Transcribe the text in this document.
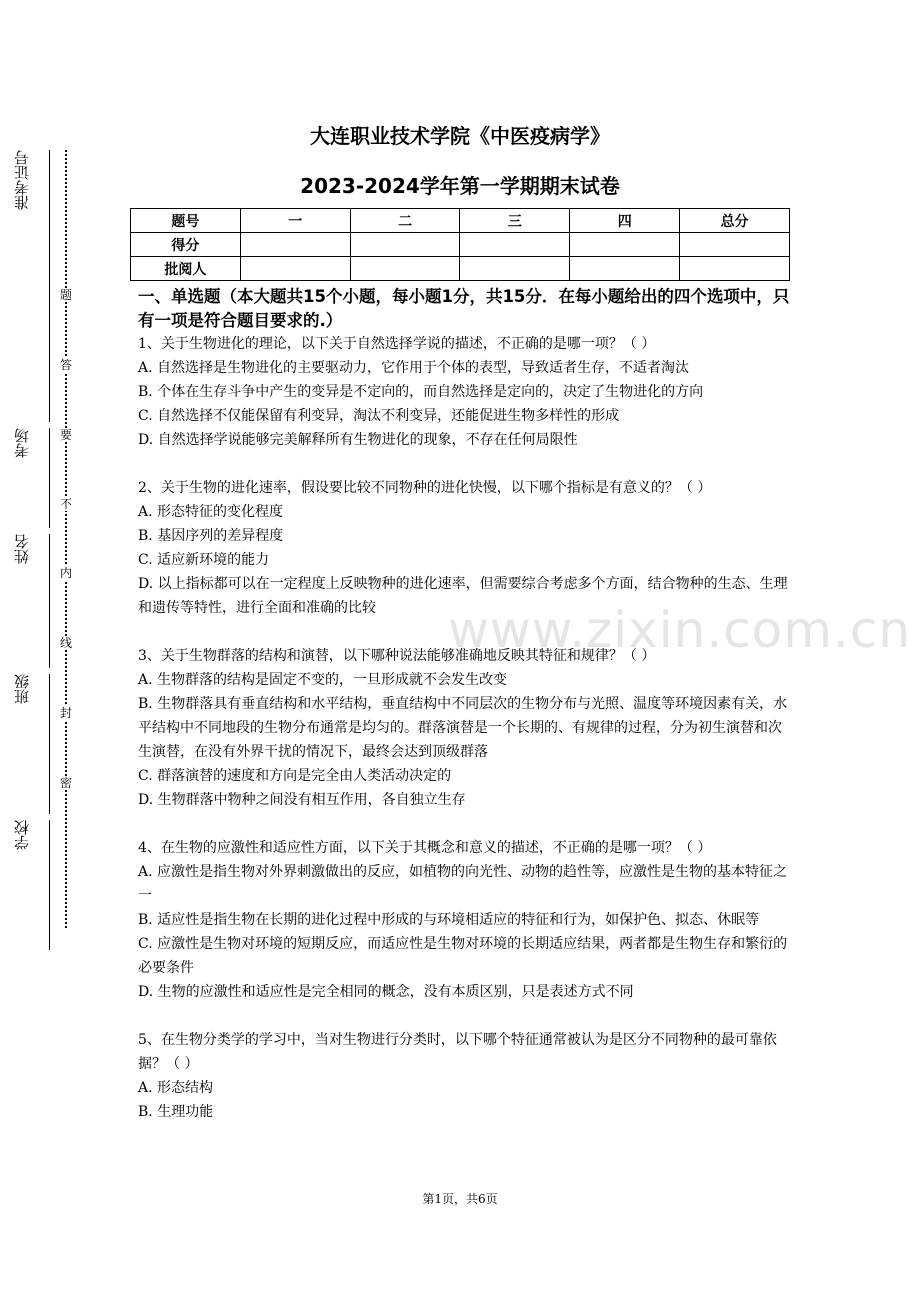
准考证号
考场
姓名
班级
学校
题
答
要
不
内
线
封
密
大连职业技术学院《中医疫病学》
2023-2024学年第一学期期末试卷
题号	一	二	三	四	总分
得分					
批阅人					
一、单选题（本大题共15个小题，每小题1分，共15分．在每小题给出的四个选项中，只有一项是符合题目要求的.）

1、关于生物进化的理论，以下关于自然选择学说的描述，不正确的是哪一项？（ ）

A. 自然选择是生物进化的主要驱动力，它作用于个体的表型，导致适者生存，不适者淘汰
B. 个体在生存斗争中产生的变异是不定向的，而自然选择是定向的，决定了生物进化的方向
C. 自然选择不仅能保留有利变异，淘汰不利变异，还能促进生物多样性的形成
D. 自然选择学说能够完美解释所有生物进化的现象，不存在任何局限性

2、关于生物的进化速率，假设要比较不同物种的进化快慢，以下哪个指标是有意义的？（ ）

A. 形态特征的变化程度
B. 基因序列的差异程度
C. 适应新环境的能力
D. 以上指标都可以在一定程度上反映物种的进化速率，但需要综合考虑多个方面，结合物种的生态、生理和遗传等特性，进行全面和准确的比较

3、关于生物群落的结构和演替，以下哪种说法能够准确地反映其特征和规律？（ ）

A. 生物群落的结构是固定不变的，一旦形成就不会发生改变
B. 生物群落具有垂直结构和水平结构，垂直结构中不同层次的生物分布与光照、温度等环境因素有关，水平结构中不同地段的生物分布通常是均匀的。群落演替是一个长期的、有规律的过程，分为初生演替和次生演替，在没有外界干扰的情况下，最终会达到顶级群落
C. 群落演替的速度和方向是完全由人类活动决定的
D. 生物群落中物种之间没有相互作用，各自独立生存

4、在生物的应激性和适应性方面，以下关于其概念和意义的描述，不正确的是哪一项？（ ）

A. 应激性是指生物对外界刺激做出的反应，如植物的向光性、动物的趋性等，应激性是生物的基本特征之一
B. 适应性是指生物在长期的进化过程中形成的与环境相适应的特征和行为，如保护色、拟态、休眠等
C. 应激性是生物对环境的短期反应，而适应性是生物对环境的长期适应结果，两者都是生物生存和繁衍的必要条件
D. 生物的应激性和适应性是完全相同的概念，没有本质区别，只是表述方式不同

5、在生物分类学的学习中，当对生物进行分类时，以下哪个特征通常被认为是区分不同物种的最可靠依据？（ ）

A. 形态结构
B. 生理功能
www.zixin.com.cn
第1页，共6页
